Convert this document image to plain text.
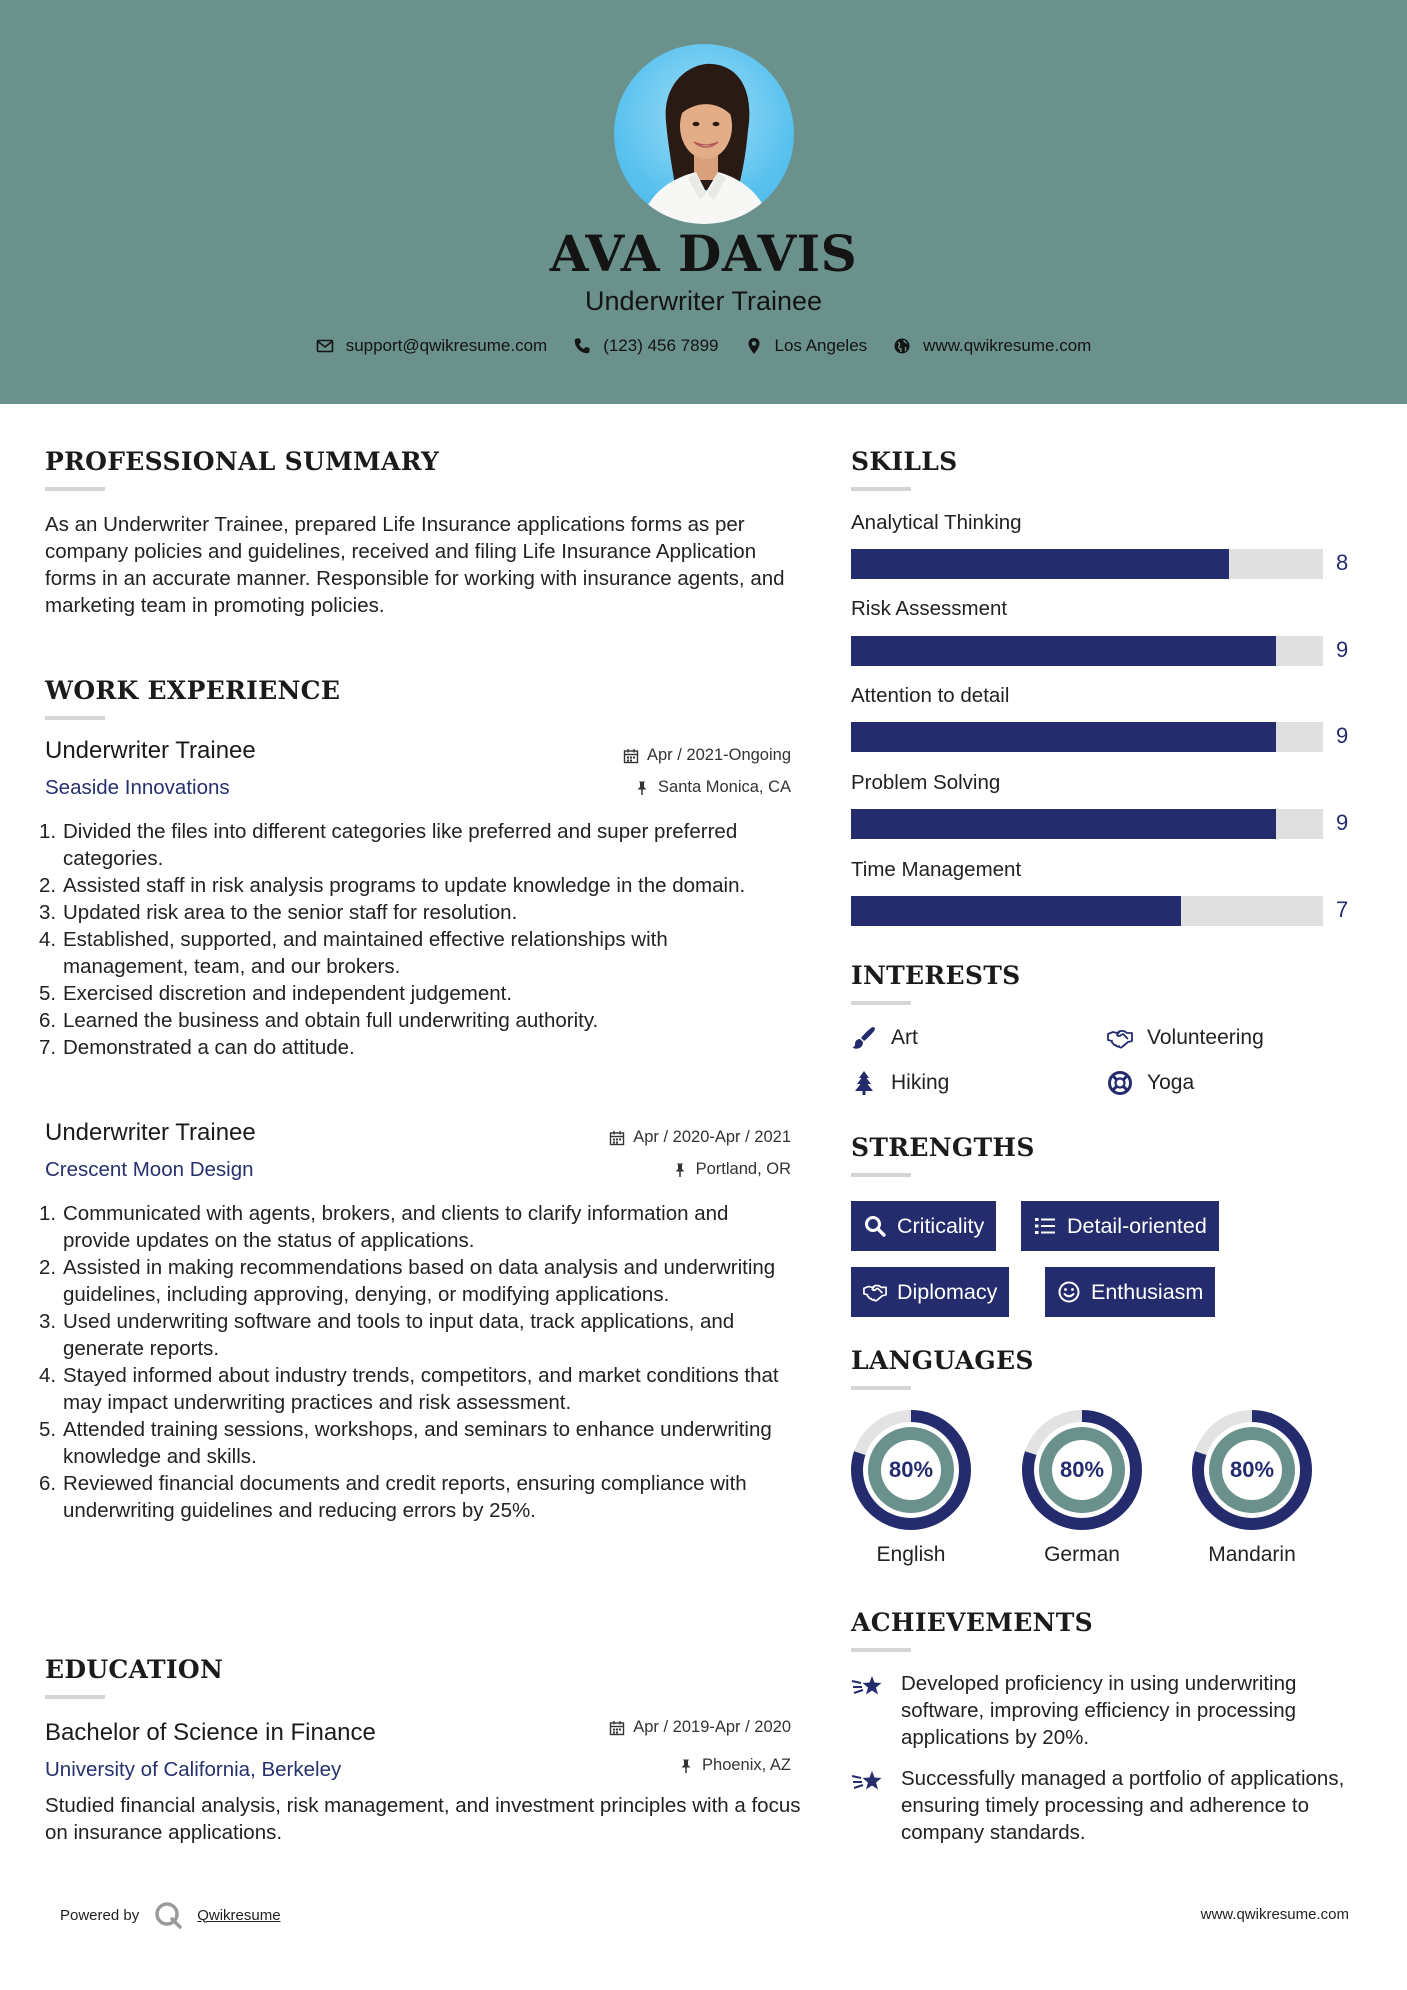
AVA DAVIS
Underwriter Trainee
support@qwikresume.com	(123) 456 7899	Los Angeles	www.qwikresume.com
PROFESSIONAL SUMMARY
As an Underwriter Trainee, prepared Life Insurance applications forms as per company policies and guidelines, received and filing Life Insurance Application forms in an accurate manner. Responsible for working with insurance agents, and marketing team in promoting policies.
WORK EXPERIENCE
Underwriter Trainee
Seaside Innovations
Apr / 2021-Ongoing
Santa Monica, CA
1. Divided the files into different categories like preferred and super preferred categories.
2. Assisted staff in risk analysis programs to update knowledge in the domain.
3. Updated risk area to the senior staff for resolution.
4. Established, supported, and maintained effective relationships with management, team, and our brokers.
5. Exercised discretion and independent judgement.
6. Learned the business and obtain full underwriting authority.
7. Demonstrated a can do attitude.
Underwriter Trainee
Crescent Moon Design
Apr / 2020-Apr / 2021
Portland, OR
1. Communicated with agents, brokers, and clients to clarify information and provide updates on the status of applications.
2. Assisted in making recommendations based on data analysis and underwriting guidelines, including approving, denying, or modifying applications.
3. Used underwriting software and tools to input data, track applications, and generate reports.
4. Stayed informed about industry trends, competitors, and market conditions that may impact underwriting practices and risk assessment.
5. Attended training sessions, workshops, and seminars to enhance underwriting knowledge and skills.
6. Reviewed financial documents and credit reports, ensuring compliance with underwriting guidelines and reducing errors by 25%.
EDUCATION
Bachelor of Science in Finance
University of California, Berkeley
Apr / 2019-Apr / 2020
Phoenix, AZ
Studied financial analysis, risk management, and investment principles with a focus on insurance applications.
SKILLS
Analytical Thinking
8
Risk Assessment
9
Attention to detail
9
Problem Solving
9
Time Management
7
INTERESTS
Art	Volunteering
Hiking	Yoga
STRENGTHS
Criticality	Detail-oriented
Diplomacy	Enthusiasm
LANGUAGES
80%
English
80%
German
80%
Mandarin
ACHIEVEMENTS
Developed proficiency in using underwriting software, improving efficiency in processing applications by 20%.
Successfully managed a portfolio of applications, ensuring timely processing and adherence to company standards.
Powered by	Qwikresume	www.qwikresume.com
